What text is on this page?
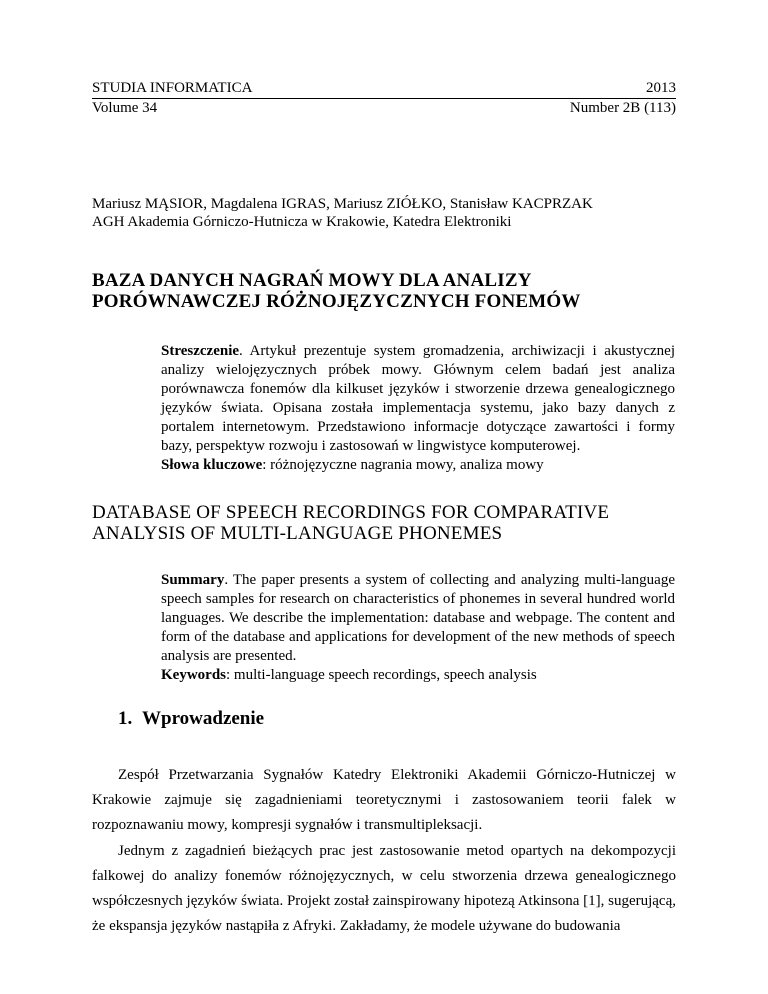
STUDIA INFORMATICA	2013
Volume 34	Number 2B (113)
Mariusz MĄSIOR, Magdalena IGRAS, Mariusz ZIÓŁKO, Stanisław KACPRZAK
AGH Akademia Górniczo-Hutnicza w Krakowie, Katedra Elektroniki
BAZA DANYCH NAGRAŃ MOWY DLA ANALIZY
PORÓWNAWCZEJ RÓŻNOJĘZYCZNYCH FONEMÓW

Streszczenie. Artykuł prezentuje system gromadzenia, archiwizacji i akustycznej analizy wielojęzycznych próbek mowy. Głównym celem badań jest analiza porównawcza fonemów dla kilkuset języków i stworzenie drzewa genealogicznego języków świata. Opisana została implementacja systemu, jako bazy danych z portalem internetowym. Przedstawiono informacje dotyczące zawartości i formy bazy, perspektyw rozwoju i zastosowań w lingwistyce komputerowej.

Słowa kluczowe: różnojęzyczne nagrania mowy, analiza mowy

DATABASE OF SPEECH RECORDINGS FOR COMPARATIVE
ANALYSIS OF MULTI-LANGUAGE PHONEMES

Summary. The paper presents a system of collecting and analyzing multi-language speech samples for research on characteristics of phonemes in several hundred world languages. We describe the implementation: database and webpage. The content and form of the database and applications for development of the new methods of speech analysis are presented.

Keywords: multi-language speech recordings, speech analysis

1. Wprowadzenie

Zespół Przetwarzania Sygnałów Katedry Elektroniki Akademii Górniczo-Hutniczej w Krakowie zajmuje się zagadnieniami teoretycznymi i zastosowaniem teorii falek w rozpoznawaniu mowy, kompresji sygnałów i transmultipleksacji.

Jednym z zagadnień bieżących prac jest zastosowanie metod opartych na dekompozycji falkowej do analizy fonemów różnojęzycznych, w celu stworzenia drzewa genealogicznego współczesnych języków świata. Projekt został zainspirowany hipotezą Atkinsona [1], sugerującą, że ekspansja języków nastąpiła z Afryki. Zakładamy, że modele używane do budowania
